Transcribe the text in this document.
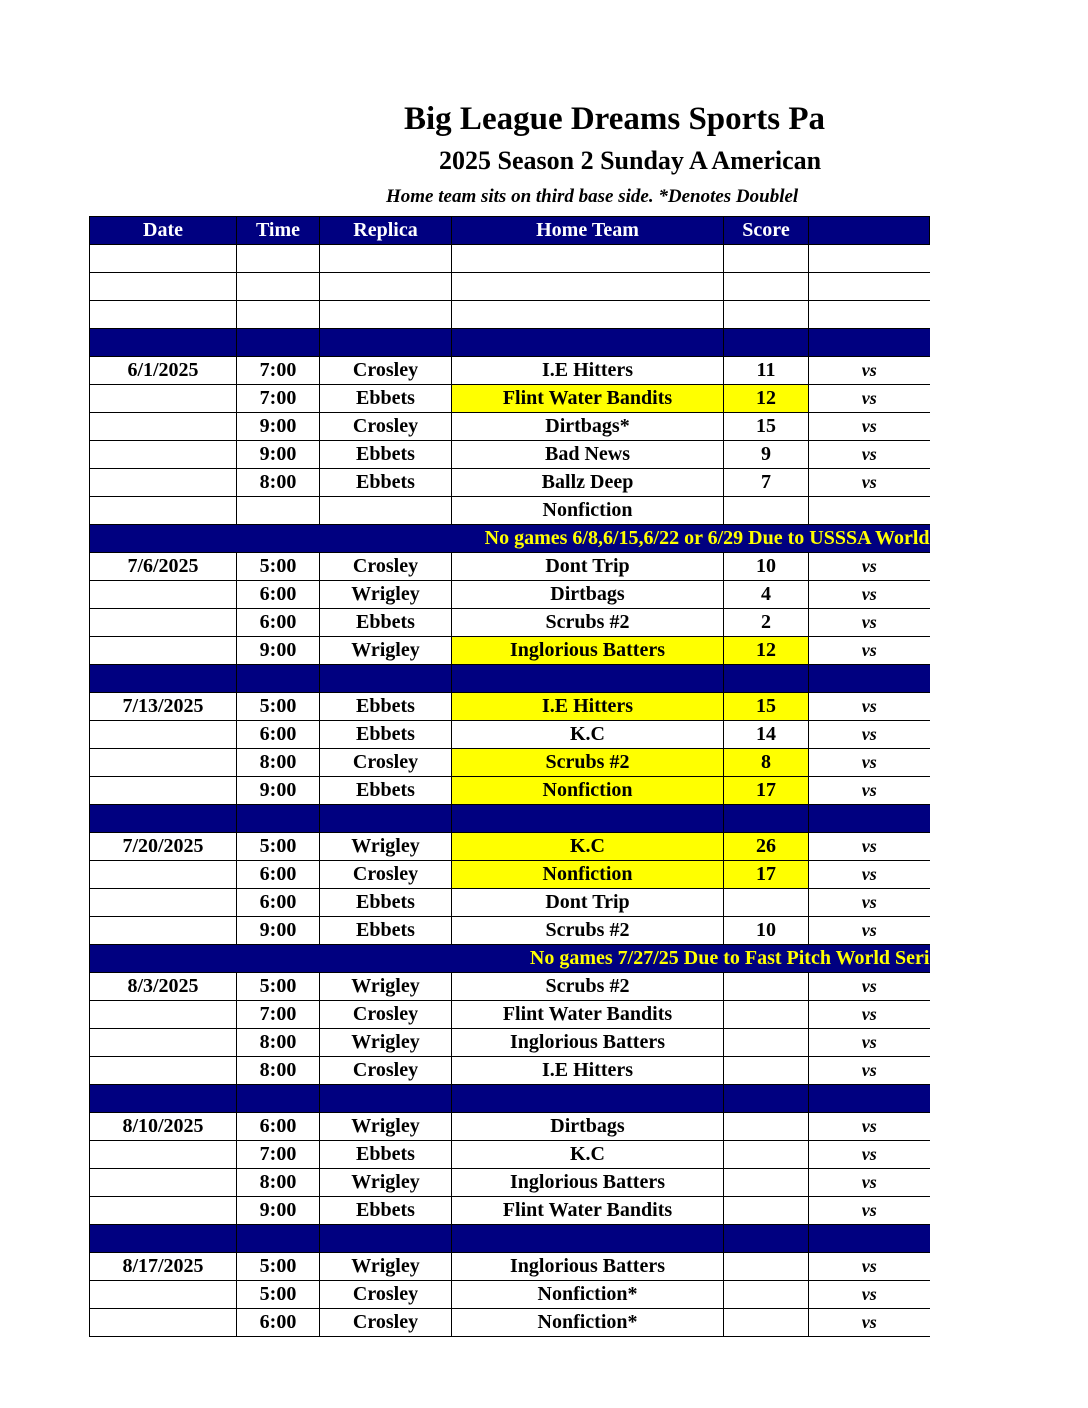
Big League Dreams Sports Pa
2025 Season 2 Sunday A American
Home team sits on third base side. *Denotes Doublel
Date	Time	Replica	Home Team	Score	

6/1/2025	7:00	Crosley	I.E Hitters	11	vs
	7:00	Ebbets	Flint Water Bandits	12	vs
	9:00	Crosley	Dirtbags*	15	vs
	9:00	Ebbets	Bad News	9	vs
	8:00	Ebbets	Ballz Deep	7	vs
			Nonfiction		
No games 6/8,6/15,6/22 or 6/29 Due to USSSA World					
7/6/2025	5:00	Crosley	Dont Trip	10	vs
	6:00	Wrigley	Dirtbags	4	vs
	6:00	Ebbets	Scrubs #2	2	vs
	9:00	Wrigley	Inglorious Batters	12	vs

7/13/2025	5:00	Ebbets	I.E Hitters	15	vs
	6:00	Ebbets	K.C	14	vs
	8:00	Crosley	Scrubs #2	8	vs
	9:00	Ebbets	Nonfiction	17	vs

7/20/2025	5:00	Wrigley	K.C	26	vs
	6:00	Crosley	Nonfiction	17	vs
	6:00	Ebbets	Dont Trip		vs
	9:00	Ebbets	Scrubs #2	10	vs
No games 7/27/25 Due to Fast Pitch World Seri					
8/3/2025	5:00	Wrigley	Scrubs #2		vs
	7:00	Crosley	Flint Water Bandits		vs
	8:00	Wrigley	Inglorious Batters		vs
	8:00	Crosley	I.E Hitters		vs

8/10/2025	6:00	Wrigley	Dirtbags		vs
	7:00	Ebbets	K.C		vs
	8:00	Wrigley	Inglorious Batters		vs
	9:00	Ebbets	Flint Water Bandits		vs

8/17/2025	5:00	Wrigley	Inglorious Batters		vs
	5:00	Crosley	Nonfiction*		vs
	6:00	Crosley	Nonfiction*		vs
